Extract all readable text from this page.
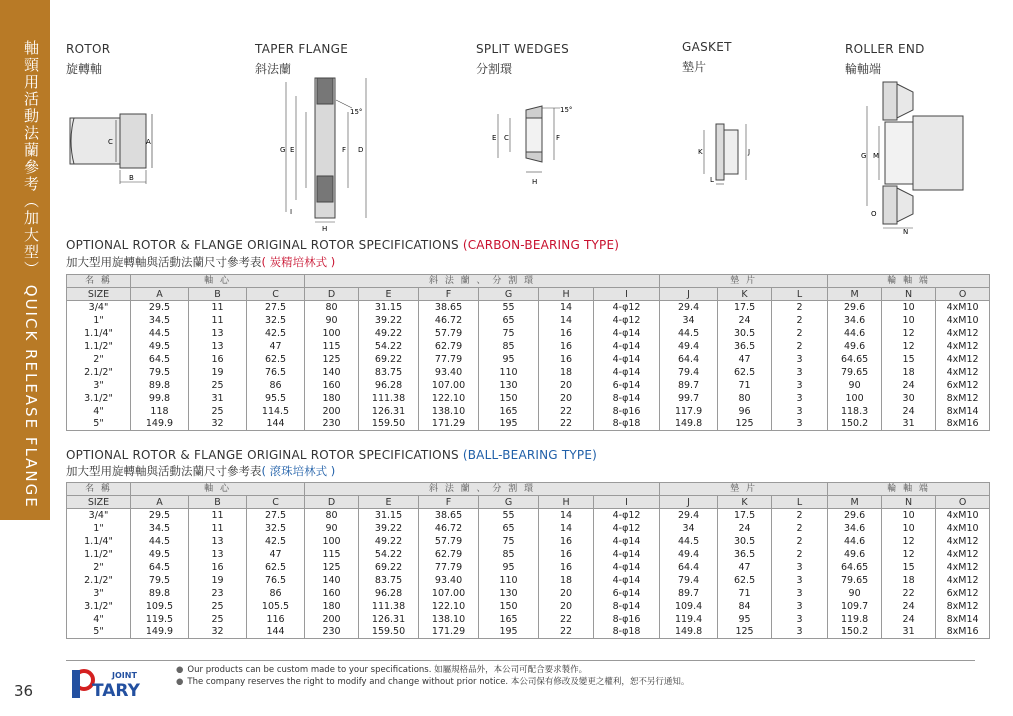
軸頸用活動法蘭參考（加大型） QUICK RELEASE FLANGE
36
ROTOR
旋轉軸
TAPER FLANGE
斜法蘭
SPLIT WEDGES
分割環
GASKET
墊片
ROLLER END
輪軸端
C	A
B
G E	F D
15°
I
H
E C	F
15°
H
K	J
L
G M
O
N
OPTIONAL ROTOR & FLANGE ORIGINAL ROTOR SPECIFICATIONS (CARBON-BEARING TYPE)
加大型用旋轉軸與活動法蘭尺寸參考表( 炭精培林式 )
名 稱	軸 心			斜 法 蘭 、 分 割 環						墊 片			輪 軸 端		
SIZE	A	B	C	D	E	F	G	H	I	J	K	L	M	N	O
3/4"	29.5	11	27.5	80	31.15	38.65	55	14	4-φ12	29.4	17.5	2	29.6	10	4xM10
1"	34.5	11	32.5	90	39.22	46.72	65	14	4-φ12	34	24	2	34.6	10	4xM10
1.1/4"	44.5	13	42.5	100	49.22	57.79	75	16	4-φ14	44.5	30.5	2	44.6	12	4xM12
1.1/2"	49.5	13	47	115	54.22	62.79	85	16	4-φ14	49.4	36.5	2	49.6	12	4xM12
2"	64.5	16	62.5	125	69.22	77.79	95	16	4-φ14	64.4	47	3	64.65	15	4xM12
2.1/2"	79.5	19	76.5	140	83.75	93.40	110	18	4-φ14	79.4	62.5	3	79.65	18	4xM12
3"	89.8	25	86	160	96.28	107.00	130	20	6-φ14	89.7	71	3	90	24	6xM12
3.1/2"	99.8	31	95.5	180	111.38	122.10	150	20	8-φ14	99.7	80	3	100	30	8xM12
4"	118	25	114.5	200	126.31	138.10	165	22	8-φ16	117.9	96	3	118.3	24	8xM14
5"	149.9	32	144	230	159.50	171.29	195	22	8-φ18	149.8	125	3	150.2	31	8xM16
OPTIONAL ROTOR & FLANGE ORIGINAL ROTOR SPECIFICATIONS (BALL-BEARING TYPE)
加大型用旋轉軸與活動法蘭尺寸參考表( 滾珠培林式 )
名 稱	軸 心			斜 法 蘭 、 分 割 環						墊 片			輪 軸 端		
SIZE	A	B	C	D	E	F	G	H	I	J	K	L	M	N	O
3/4"	29.5	11	27.5	80	31.15	38.65	55	14	4-φ12	29.4	17.5	2	29.6	10	4xM10
1"	34.5	11	32.5	90	39.22	46.72	65	14	4-φ12	34	24	2	34.6	10	4xM10
1.1/4"	44.5	13	42.5	100	49.22	57.79	75	16	4-φ14	44.5	30.5	2	44.6	12	4xM12
1.1/2"	49.5	13	47	115	54.22	62.79	85	16	4-φ14	49.4	36.5	2	49.6	12	4xM12
2"	64.5	16	62.5	125	69.22	77.79	95	16	4-φ14	64.4	47	3	64.65	15	4xM12
2.1/2"	79.5	19	76.5	140	83.75	93.40	110	18	4-φ14	79.4	62.5	3	79.65	18	4xM12
3"	89.8	23	86	160	96.28	107.00	130	20	6-φ14	89.7	71	3	90	22	6xM12
3.1/2"	109.5	25	105.5	180	111.38	122.10	150	20	8-φ14	109.4	84	3	109.7	24	8xM12
4"	119.5	25	116	200	126.31	138.10	165	22	8-φ16	119.4	95	3	119.8	24	8xM14
5"	149.9	32	144	230	159.50	171.29	195	22	8-φ18	149.8	125	3	150.2	31	8xM16
JOINT
TARY
● Our products can be custom made to your specifications. 如屬規格品外，本公司可配合要求製作。
● The company reserves the right to modify and change without prior notice. 本公司保有修改及變更之權利，恕不另行通知。
